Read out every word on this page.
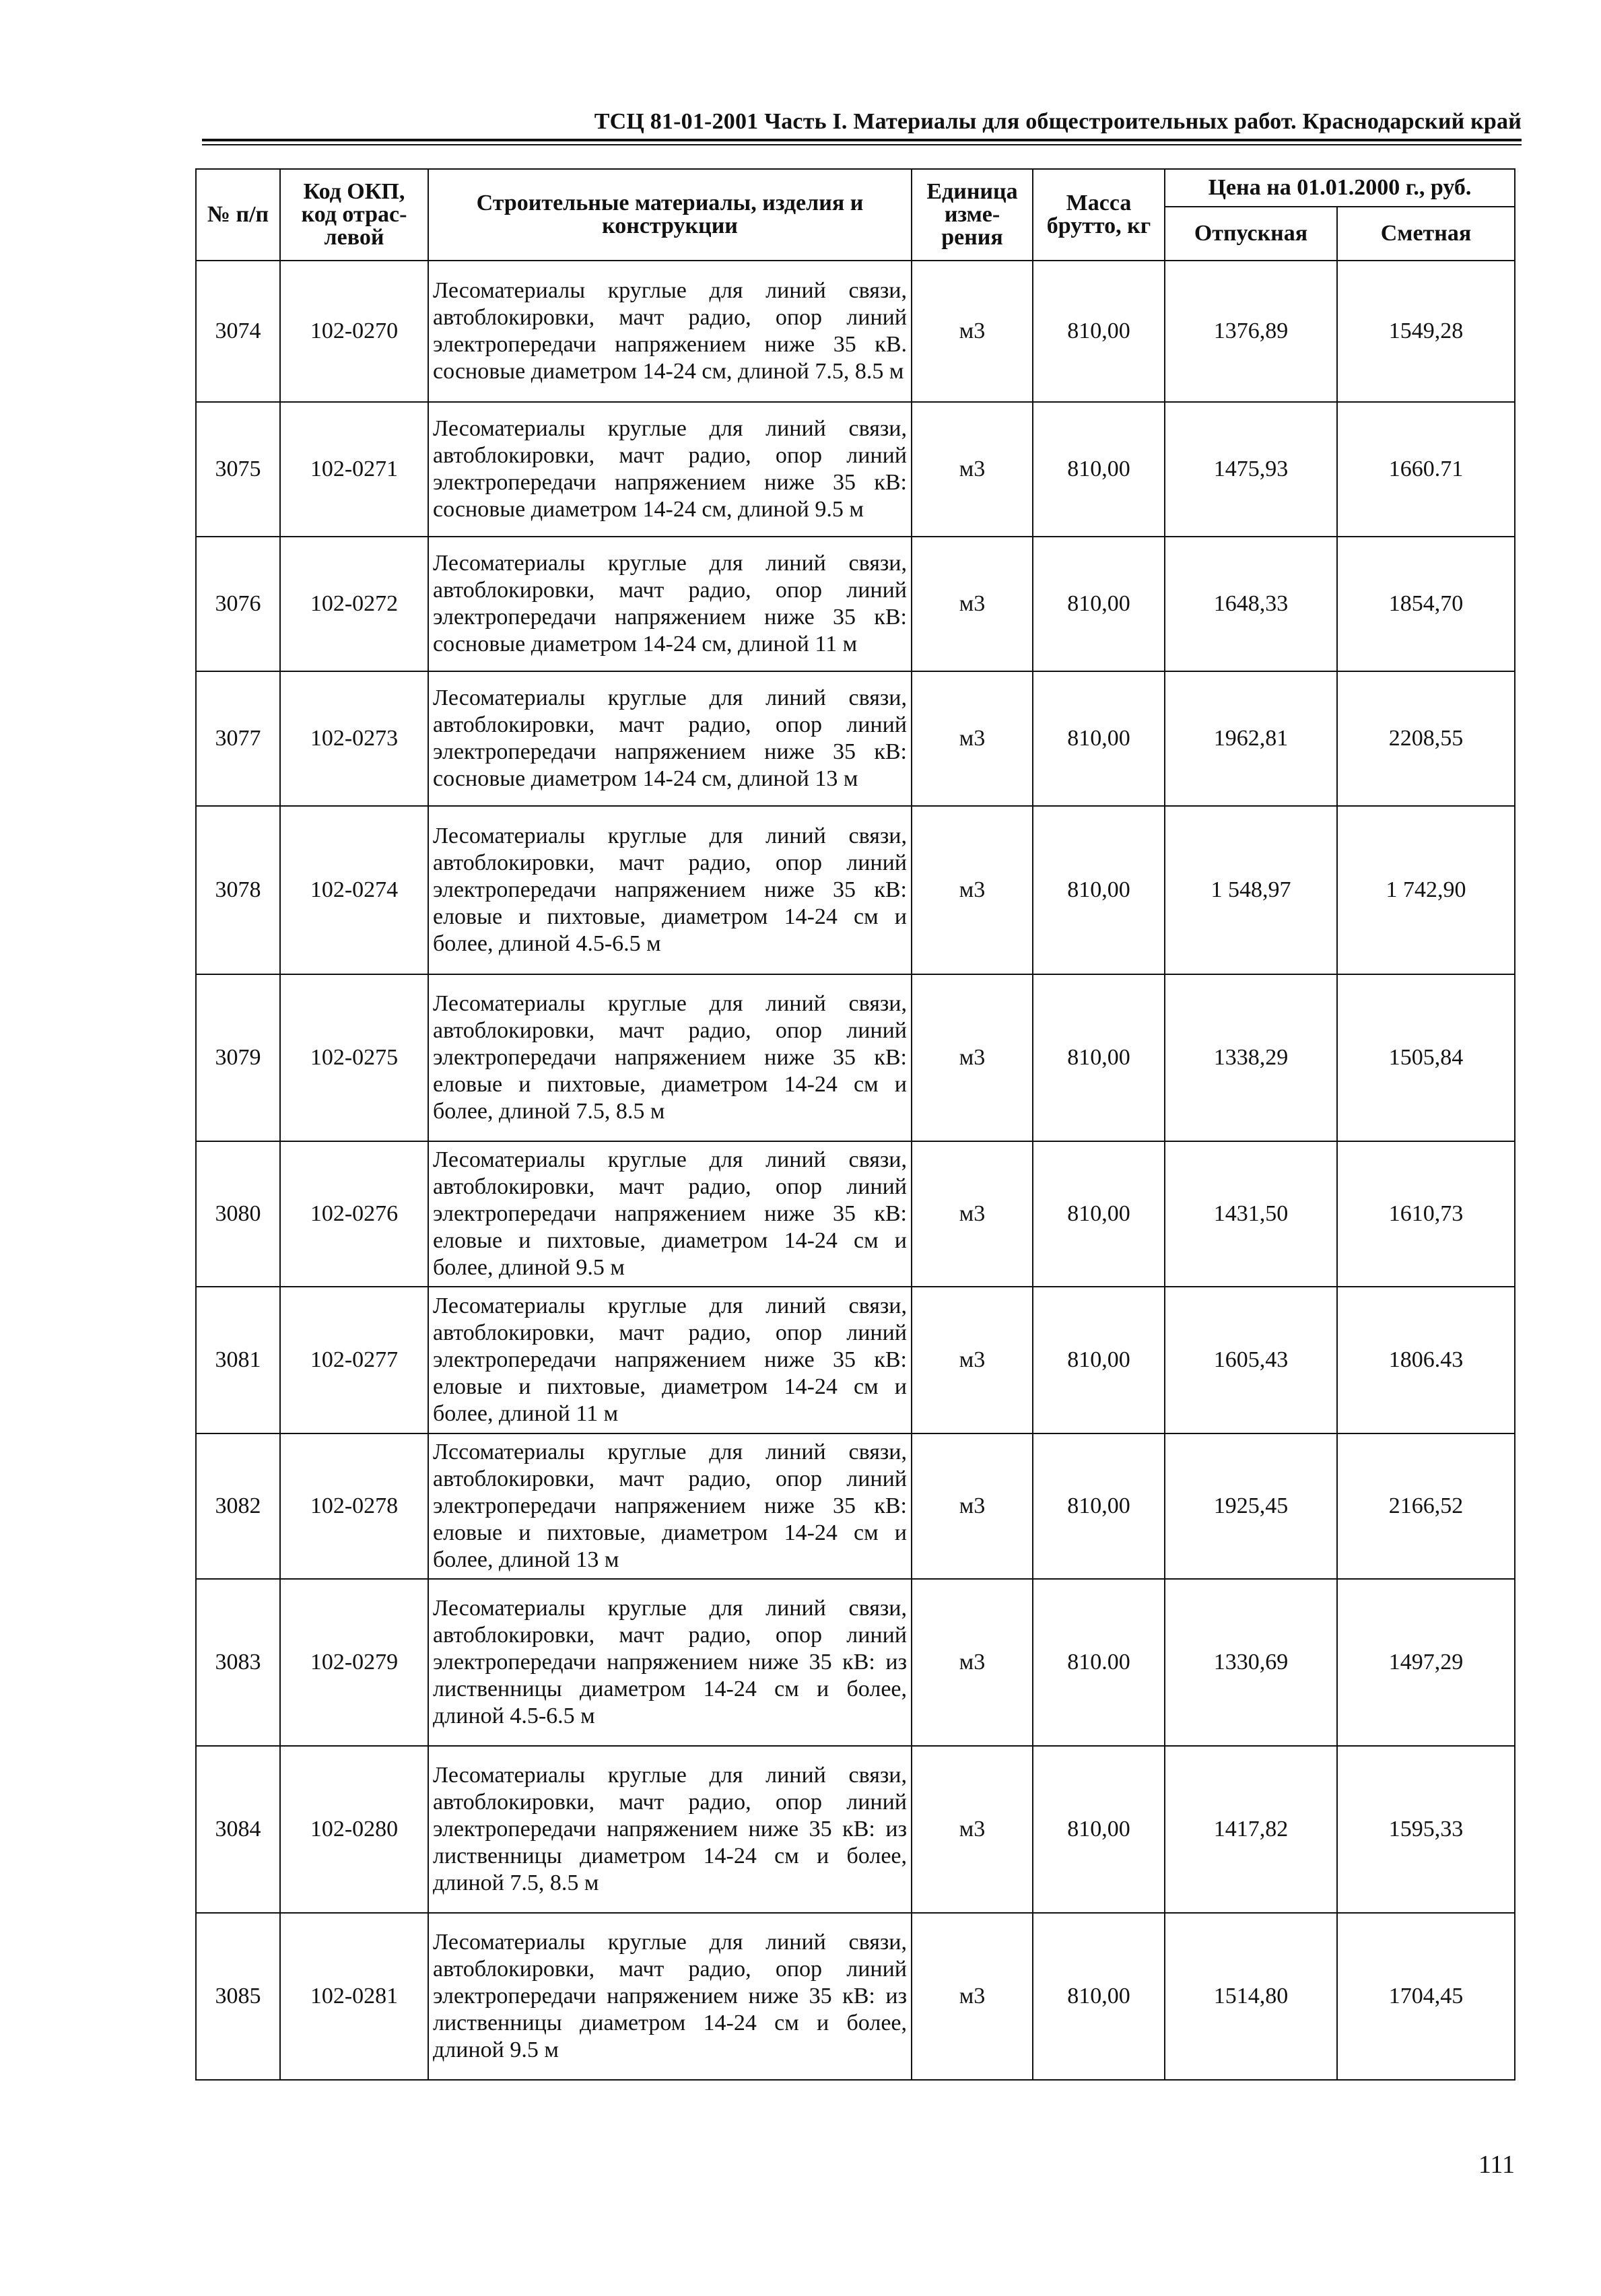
ТСЦ 81-01-2001 Часть I. Материалы для общестроительных работ. Краснодарский край
№ п/п	Код ОКП, код отрас-левой	Строительные материалы, изделия и конструкции	Единица изме-рения	Масса брутто, кг	Цена на 01.01.2000 г., руб.	
					Отпускная	Сметная
3074	102-0270	Лесоматериалы круглые для линий связи, автоблокировки, мачт радио, опор линий электропередачи напряжением ниже 35 кВ. сосновые диаметром 14-24 см, длиной 7.5, 8.5 м	м3	810,00	1376,89	1549,28
3075	102-0271	Лесоматериалы круглые для линий связи, автоблокировки, мачт радио, опор линий электропередачи напряжением ниже 35 кВ: сосновые диаметром 14-24 см, длиной 9.5 м	м3	810,00	1475,93	1660.71
3076	102-0272	Лесоматериалы круглые для линий связи, автоблокировки, мачт радио, опор линий электропередачи напряжением ниже 35 кВ: сосновые диаметром 14-24 см, длиной 11 м	м3	810,00	1648,33	1854,70
3077	102-0273	Лесоматериалы круглые для линий связи, автоблокировки, мачт радио, опор линий электропередачи напряжением ниже 35 кВ: сосновые диаметром 14-24 см, длиной 13 м	м3	810,00	1962,81	2208,55
3078	102-0274	Лесоматериалы круглые для линий связи, автоблокировки, мачт радио, опор линий электропередачи напряжением ниже 35 кВ: еловые и пихтовые, диаметром 14-24 см и более, длиной 4.5-6.5 м	м3	810,00	1 548,97	1 742,90
3079	102-0275	Лесоматериалы круглые для линий связи, автоблокировки, мачт радио, опор линий электропередачи напряжением ниже 35 кВ: еловые и пихтовые, диаметром 14-24 см и более, длиной 7.5, 8.5 м	м3	810,00	1338,29	1505,84
3080	102-0276	Лесоматериалы круглые для линий связи, автоблокировки, мачт радио, опор линий электропередачи напряжением ниже 35 кВ: еловые и пихтовые, диаметром 14-24 см и более, длиной 9.5 м	м3	810,00	1431,50	1610,73
3081	102-0277	Лесоматериалы круглые для линий связи, автоблокировки, мачт радио, опор линий электропередачи напряжением ниже 35 кВ: еловые и пихтовые, диаметром 14-24 см и более, длиной 11 м	м3	810,00	1605,43	1806.43
3082	102-0278	Лсcоматериалы круглые для линий связи, автоблокировки, мачт радио, опор линий электропередачи напряжением ниже 35 кВ: еловые и пихтовые, диаметром 14-24 см и более, длиной 13 м	м3	810,00	1925,45	2166,52
3083	102-0279	Лесоматериалы круглые для линий связи, автоблокировки, мачт радио, опор линий электропередачи напряжением ниже 35 кВ: из лиственницы диаметром 14-24 см и более, длиной 4.5-6.5 м	м3	810.00	1330,69	1497,29
3084	102-0280	Лесоматериалы круглые для линий связи, автоблокировки, мачт радио, опор линий электропередачи напряжением ниже 35 кВ: из лиственницы диаметром 14-24 см и более, длиной 7.5, 8.5 м	м3	810,00	1417,82	1595,33
3085	102-0281	Лесоматериалы круглые для линий связи, автоблокировки, мачт радио, опор линий электропередачи напряжением ниже 35 кВ: из лиственницы диаметром 14-24 см и более, длиной 9.5 м	м3	810,00	1514,80	1704,45
111
